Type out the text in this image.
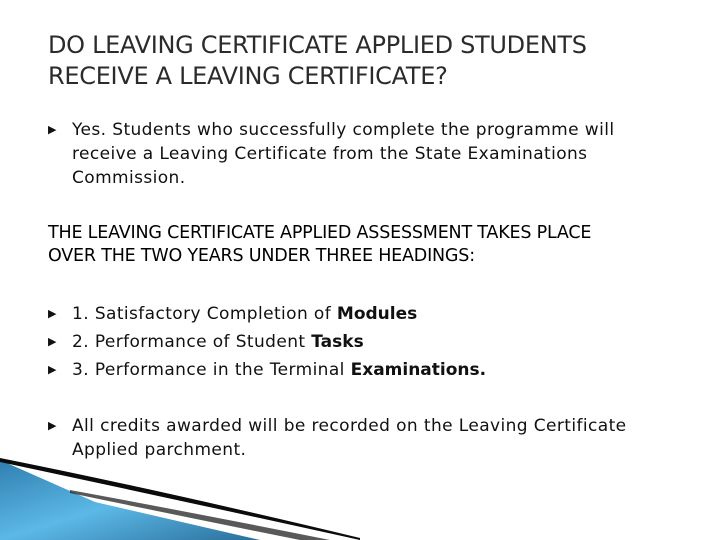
DO LEAVING CERTIFICATE APPLIED STUDENTS
RECEIVE A LEAVING CERTIFICATE?
▶ Yes. Students who successfully complete the programme will
receive a Leaving Certificate from the State Examinations
Commission.
THE LEAVING CERTIFICATE APPLIED ASSESSMENT TAKES PLACE
OVER THE TWO YEARS UNDER THREE HEADINGS:
▶ 1. Satisfactory Completion of Modules
▶ 2. Performance of Student Tasks
▶ 3. Performance in the Terminal Examinations.
▶ All credits awarded will be recorded on the Leaving Certificate
Applied parchment.
